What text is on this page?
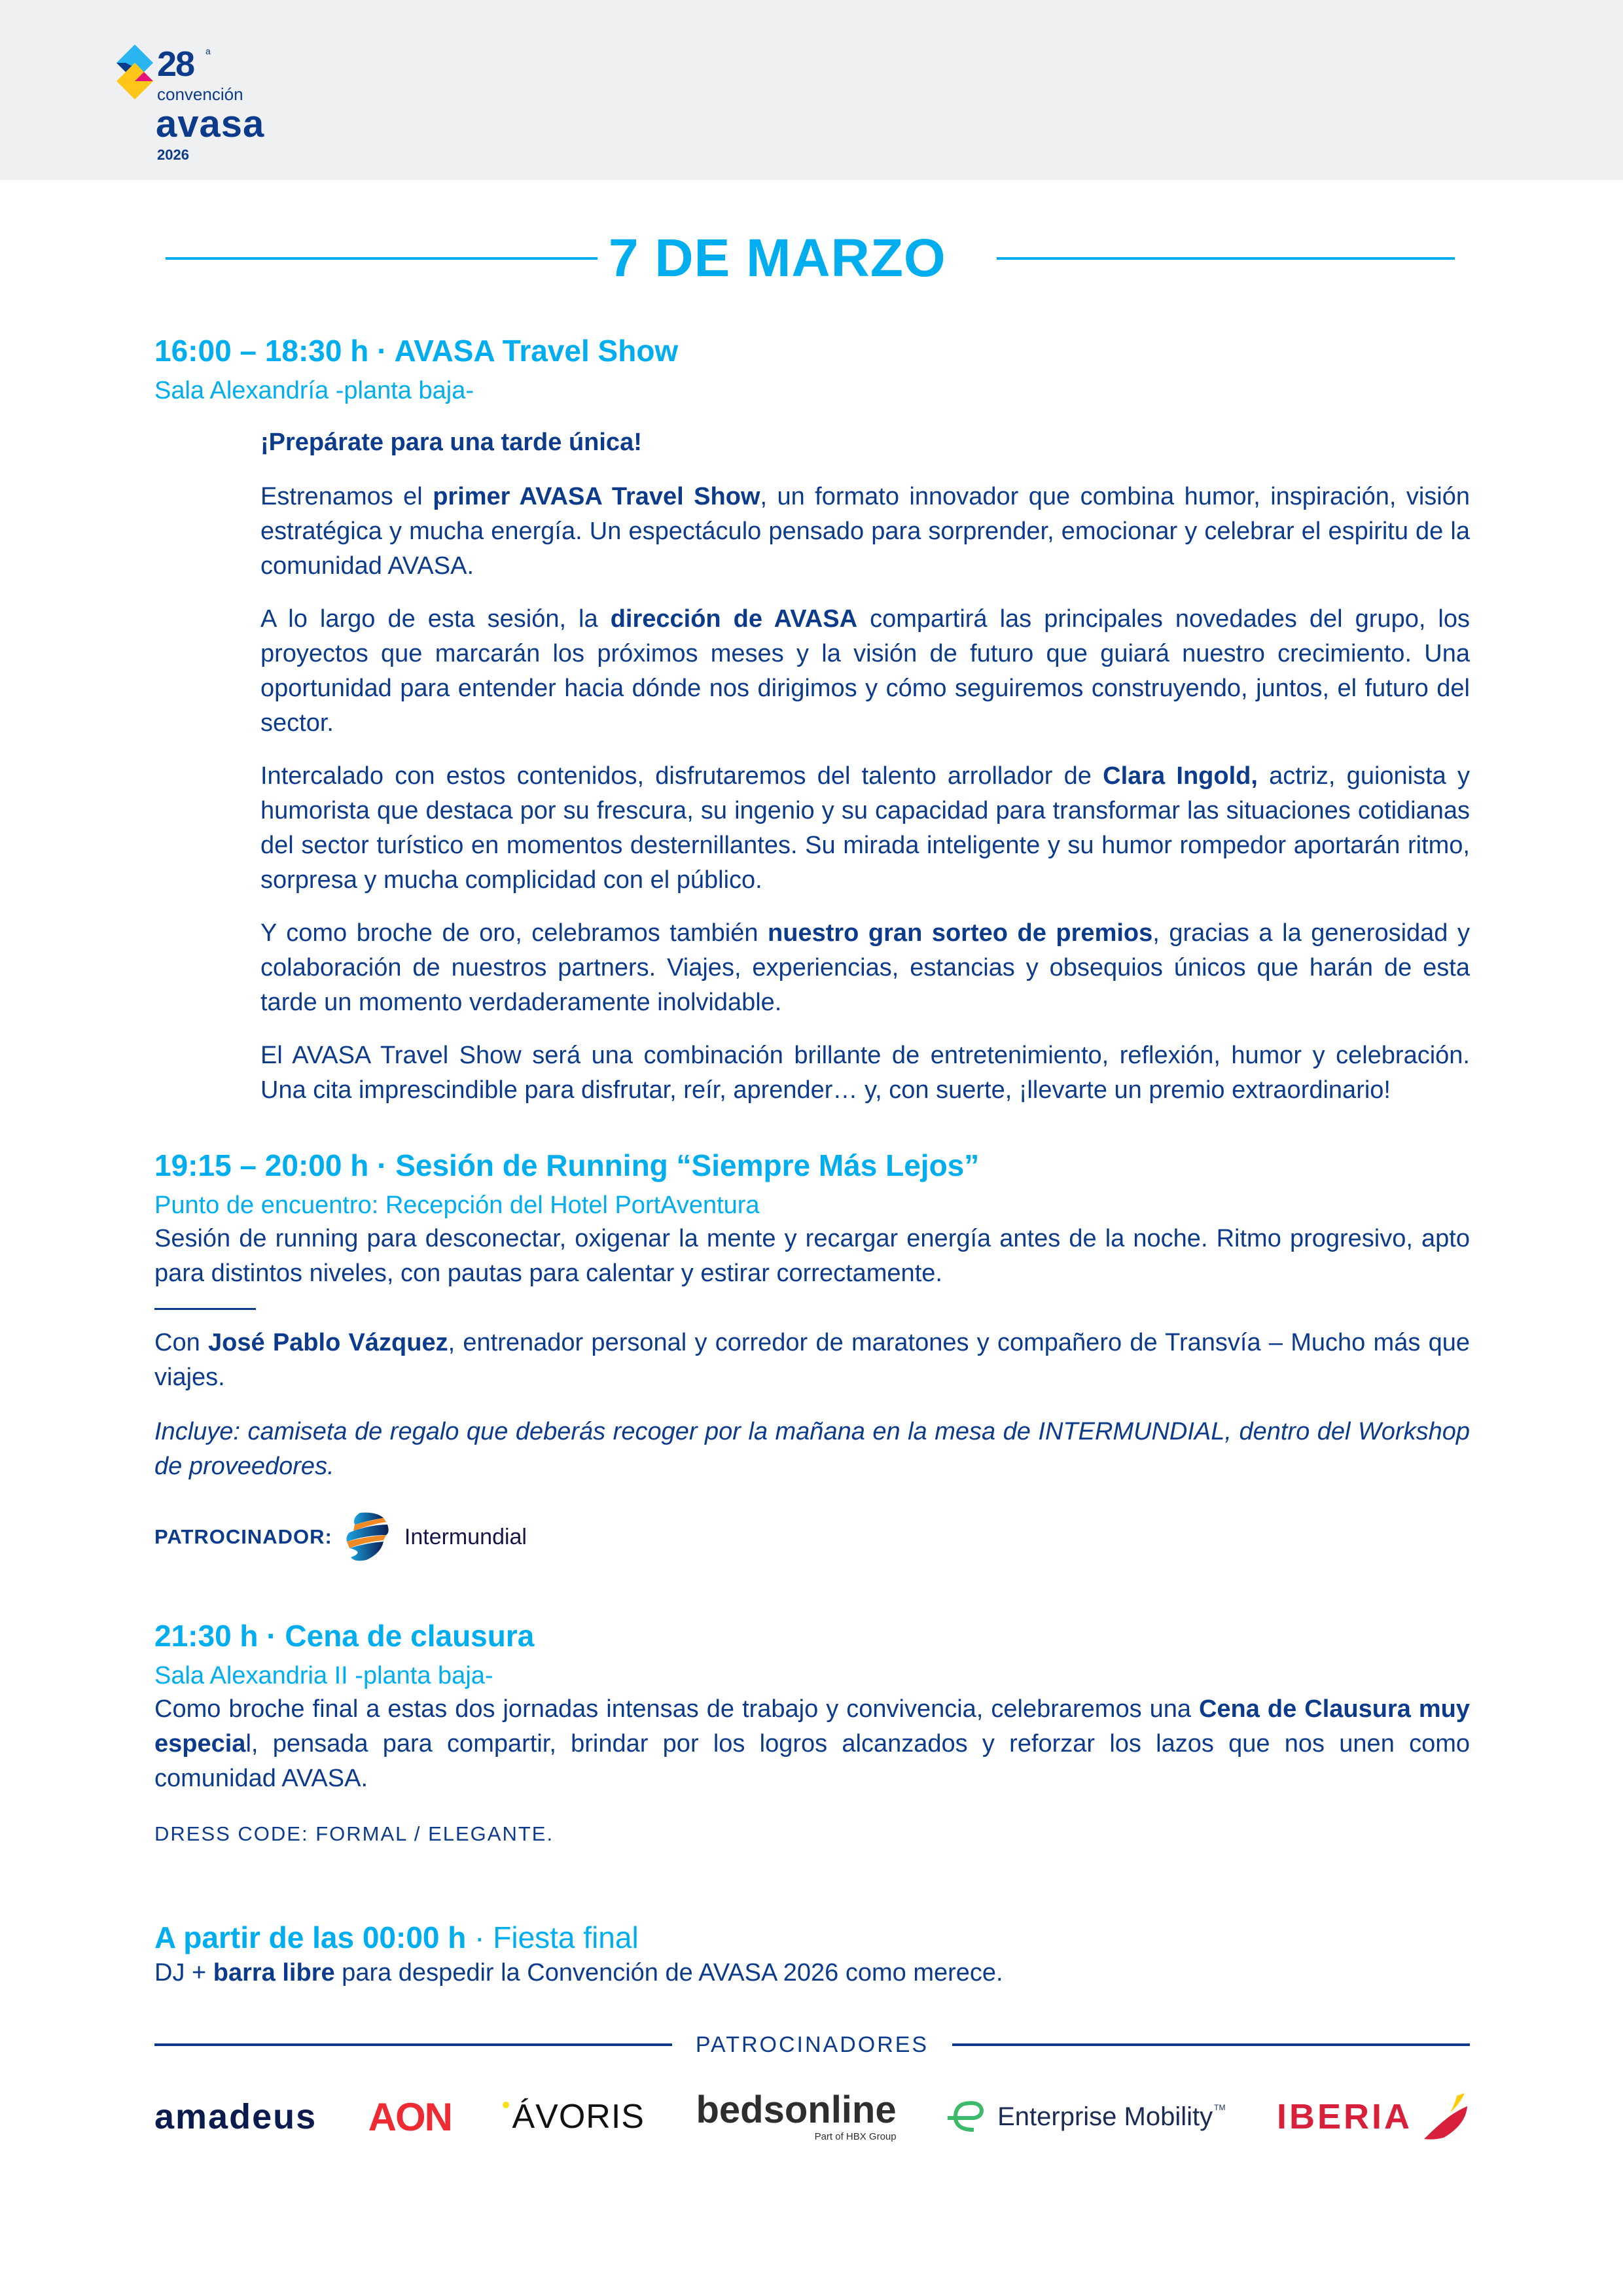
28 a
convención
avasa
2026
7 DE MARZO
16:00 – 18:30 h · AVASA Travel Show
Sala Alexandría -planta baja-
¡Prepárate para una tarde única!

Estrenamos el primer AVASA Travel Show, un formato innovador que combina humor, inspiración, visión estratégica y mucha energía. Un espectáculo pensado para sorprender, emocionar y celebrar el espiritu de la comunidad AVASA.

A lo largo de esta sesión, la dirección de AVASA compartirá las principales novedades del grupo, los proyectos que marcarán los próximos meses y la visión de futuro que guiará nuestro crecimiento. Una oportunidad para entender hacia dónde nos dirigimos y cómo seguiremos construyendo, juntos, el futuro del sector.

Intercalado con estos contenidos, disfrutaremos del talento arrollador de Clara Ingold, actriz, guionista y humorista que destaca por su frescura, su ingenio y su capacidad para transformar las situaciones cotidianas del sector turístico en momentos desternillantes. Su mirada inteligente y su humor rompedor aportarán ritmo, sorpresa y mucha complicidad con el público.

Y como broche de oro, celebramos también nuestro gran sorteo de premios, gracias a la generosidad y colaboración de nuestros partners. Viajes, experiencias, estancias y obsequios únicos que harán de esta tarde un momento verdaderamente inolvidable.

El AVASA Travel Show será una combinación brillante de entretenimiento, reflexión, humor y celebración. Una cita imprescindible para disfrutar, reír, aprender… y, con suerte, ¡llevarte un premio extraordinario!

19:15 – 20:00 h · Sesión de Running “Siempre Más Lejos”
Punto de encuentro: Recepción del Hotel PortAventura

Sesión de running para desconectar, oxigenar la mente y recargar energía antes de la noche. Ritmo progresivo, apto para distintos niveles, con pautas para calentar y estirar correctamente.

Con José Pablo Vázquez, entrenador personal y corredor de maratones y compañero de Transvía – Mucho más que viajes.

Incluye: camiseta de regalo que deberás recoger por la mañana en la mesa de INTERMUNDIAL, dentro del Workshop de proveedores.

PATROCINADOR:	Intermundial
21:30 h · Cena de clausura
Sala Alexandria II -planta baja-

Como broche final a estas dos jornadas intensas de trabajo y convivencia, celebraremos una Cena de Clausura muy especial, pensada para compartir, brindar por los logros alcanzados y reforzar los lazos que nos unen como comunidad AVASA.

DRESS CODE: FORMAL / ELEGANTE.
A partir de las 00:00 h · Fiesta final

DJ + barra libre para despedir la Convención de AVASA 2026 como merece.

PATROCINADORES
amadeus AON ÁVORIS bedsonline
Part of HBX Group
Enterprise Mobility TM IBERIA
